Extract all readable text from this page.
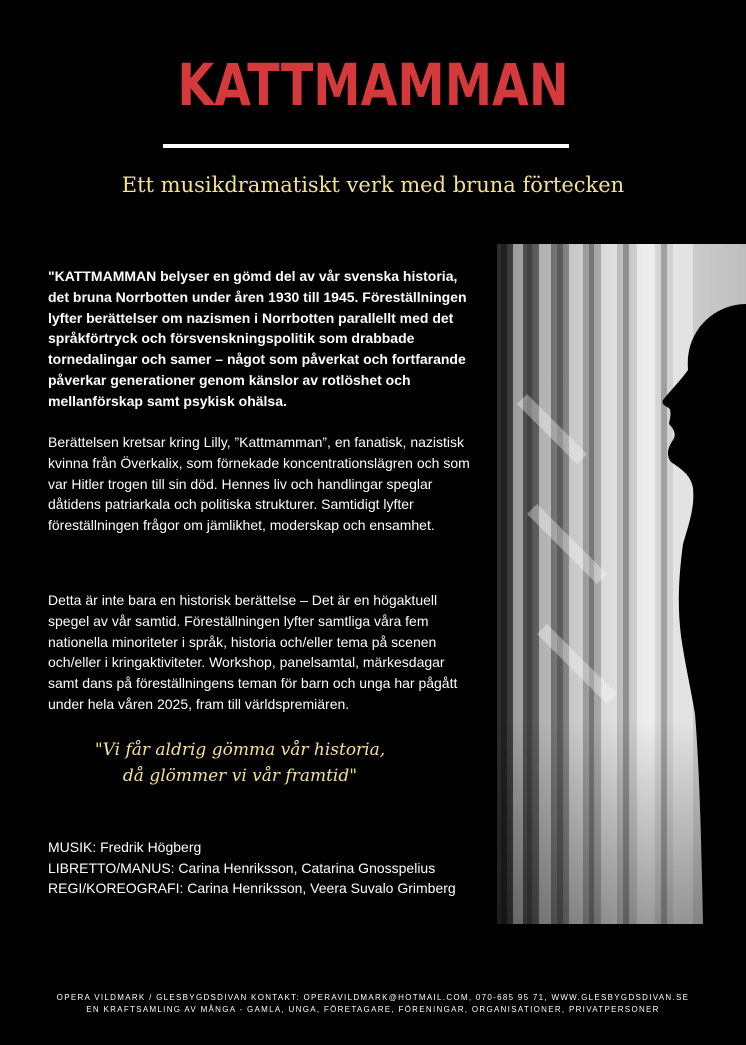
KATTMAMMAN
Ett musikdramatiskt verk med bruna förtecken

"KATTMAMMAN belyser en gömd del av vår svenska historia, det bruna Norrbotten under åren 1930 till 1945. Föreställningen lyfter berättelser om nazismen i Norrbotten parallellt med det språkförtryck och försvenskningspolitik som drabbade tornedalingar och samer – något som påverkat och fortfarande påverkar generationer genom känslor av rotlöshet och mellanförskap samt psykisk ohälsa.

Berättelsen kretsar kring Lilly, ”Kattmamman”, en fanatisk, nazistisk kvinna från Överkalix, som förnekade koncentrationslägren och som var Hitler trogen till sin död. Hennes liv och handlingar speglar dåtidens patriarkala och politiska strukturer. Samtidigt lyfter föreställningen frågor om jämlikhet, moderskap och ensamhet.

Detta är inte bara en historisk berättelse – Det är en högaktuell spegel av vår samtid. Föreställningen lyfter samtliga våra fem nationella minoriteter i språk, historia och/eller tema på scenen och/eller i kringaktiviteter. Workshop, panelsamtal, märkesdagar samt dans på föreställningens teman för barn och unga har pågått under hela våren 2025, fram till världspremiären.

"Vi får aldrig gömma vår historia,
då glömmer vi vår framtid"
MUSIK: Fredrik Högberg
LIBRETTO/MANUS: Carina Henriksson, Catarina Gnosspelius
REGI/KOREOGRAFI: Carina Henriksson, Veera Suvalo Grimberg
OPERA VILDMARK / GLESBYGDSDIVAN KONTAKT: OPERAVILDMARK@HOTMAIL.COM, 070-685 95 71, WWW.GLESBYGDSDIVAN.SE
EN KRAFTSAMLING AV MÅNGA - GAMLA, UNGA, FÖRETAGARE, FÖRENINGAR, ORGANISATIONER, PRIVATPERSONER
